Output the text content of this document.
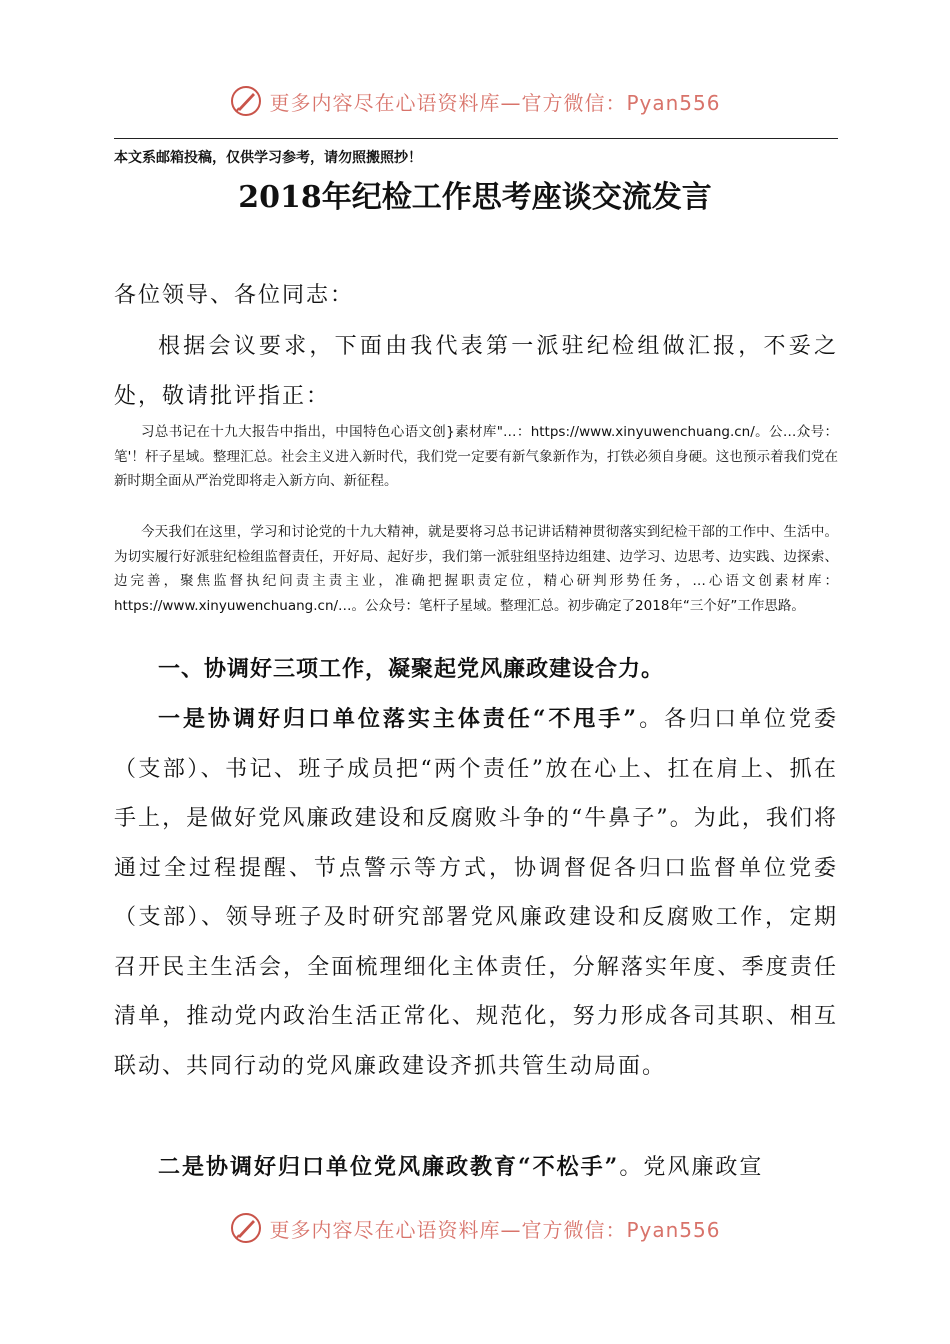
更多内容尽在心语资料库—官方微信：Pyan556
本文系邮箱投稿，仅供学习参考，请勿照搬照抄！
2018年纪检工作思考座谈交流发言
各位领导、各位同志：
根据会议要求，下面由我代表第一派驻纪检组做汇报，不妥之处，敬请批评指正：
习总书记在十九大报告中指出，中国特色心语文创}素材库"…：https://www.xinyuwenchuang.cn/。公…众号：笔'！杆子星域。整理汇总。社会主义进入新时代，我们党一定要有新气象新作为，打铁必须自身硬。这也预示着我们党在新时期全面从严治党即将走入新方向、新征程。
今天我们在这里，学习和讨论党的十九大精神，就是要将习总书记讲话精神贯彻落实到纪检干部的工作中、生活中。为切实履行好派驻纪检组监督责任，开好局、起好步，我们第一派驻组坚持边组建、边学习、边思考、边实践、边探索、边完善，聚焦监督执纪问责主责主业，准确把握职责定位，精心研判形势任务，…心语文创素材库：https://www.xinyuwenchuang.cn/…。公众号：笔杆子星域。整理汇总。初步确定了2018年“三个好”工作思路。
一、协调好三项工作，凝聚起党风廉政建设合力。
一是协调好归口单位落实主体责任“不甩手”。各归口单位党委（支部）、书记、班子成员把“两个责任”放在心上、扛在肩上、抓在手上，是做好党风廉政建设和反腐败斗争的“牛鼻子”。为此，我们将通过全过程提醒、节点警示等方式，协调督促各归口监督单位党委（支部）、领导班子及时研究部署党风廉政建设和反腐败工作，定期召开民主生活会，全面梳理细化主体责任，分解落实年度、季度责任清单，推动党内政治生活正常化、规范化，努力形成各司其职、相互联动、共同行动的党风廉政建设齐抓共管生动局面。
二是协调好归口单位党风廉政教育“不松手”。党风廉政宣
更多内容尽在心语资料库—官方微信：Pyan556
